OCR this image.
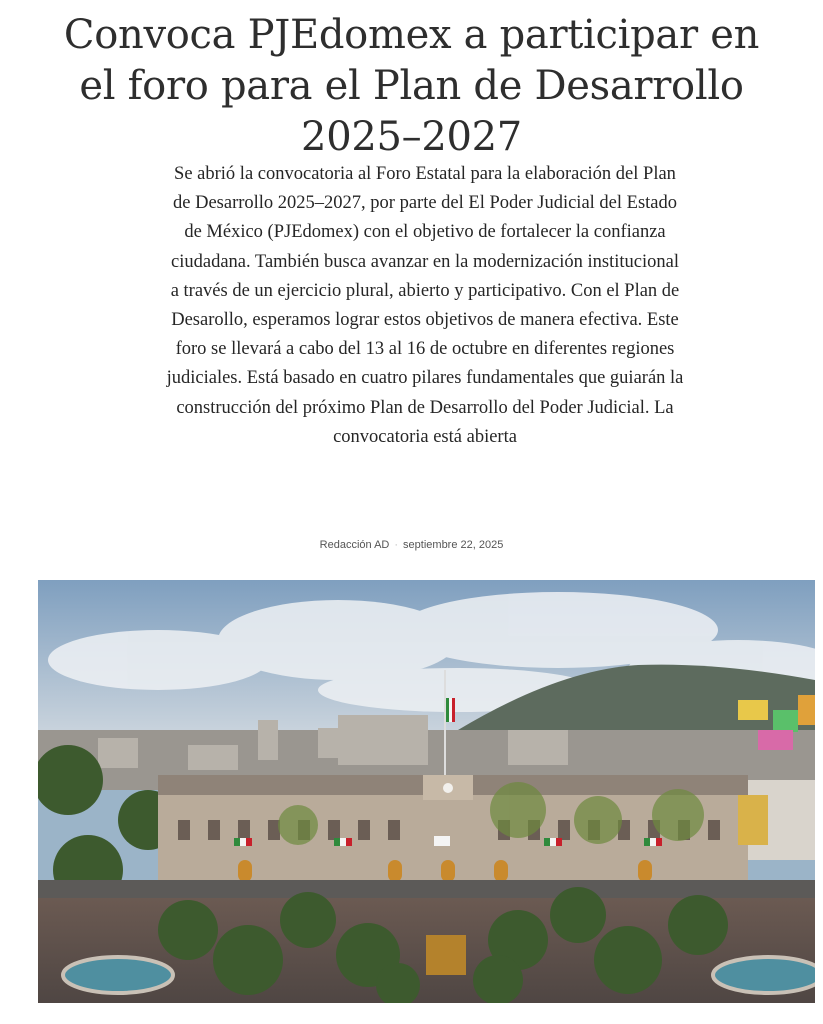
Convoca PJEdomex a participar en el foro para el Plan de Desarrollo 2025–2027

Se abrió la convocatoria al Foro Estatal para la elaboración del Plan de Desarrollo 2025–2027, por parte del El Poder Judicial del Estado de México (PJEdomex) con el objetivo de fortalecer la confianza ciudadana. También busca avanzar en la modernización institucional a través de un ejercicio plural, abierto y participativo. Con el Plan de Desarollo, esperamos lograr estos objetivos de manera efectiva. Este foro se llevará a cabo del 13 al 16 de octubre en diferentes regiones judiciales. Está basado en cuatro pilares fundamentales que guiarán la construcción del próximo Plan de Desarrollo del Poder Judicial. La convocatoria está abierta

Redacción AD · septiembre 22, 2025
